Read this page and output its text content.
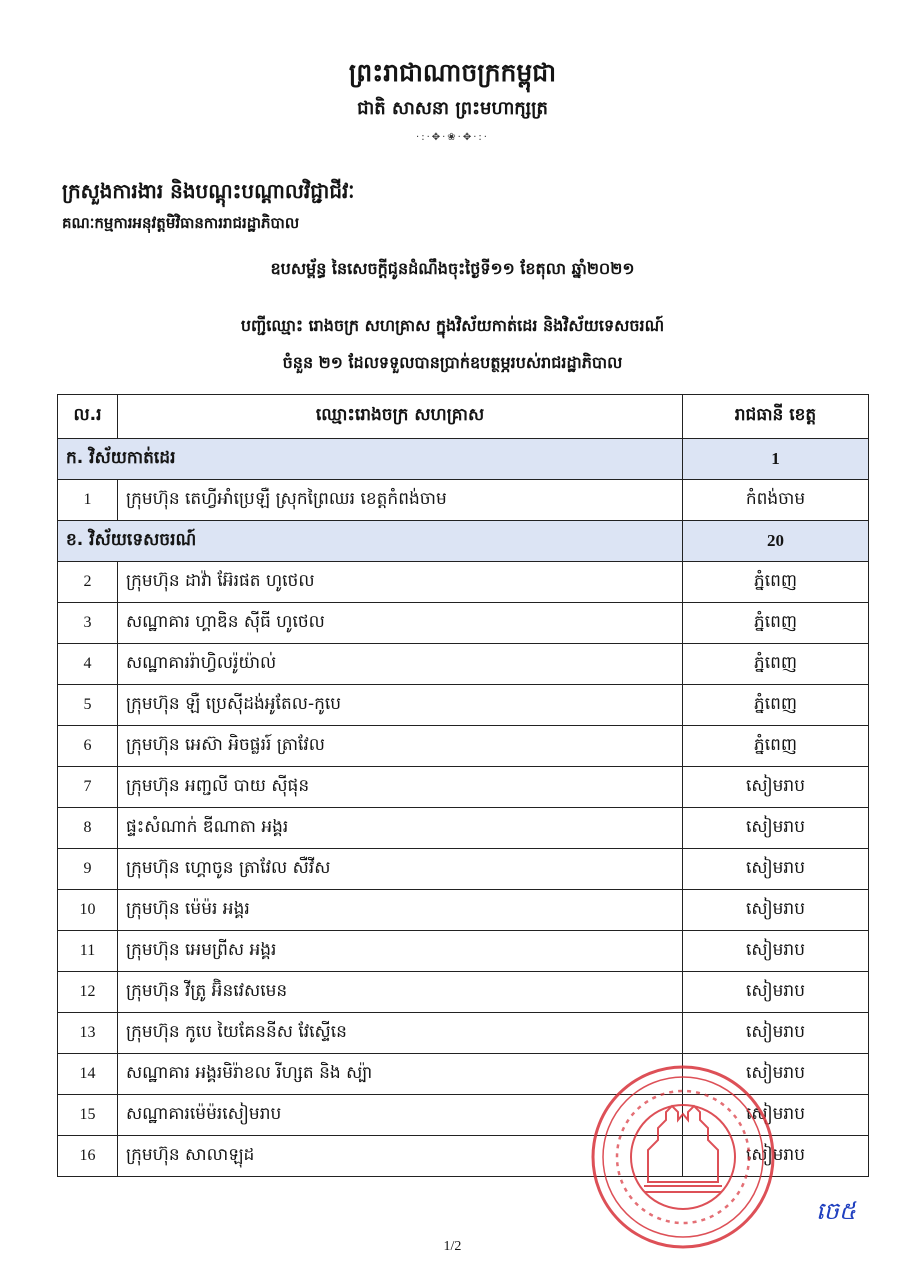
ព្រះរាជាណាចក្រកម្ពុជា
ជាតិ សាសនា ព្រះមហាក្សត្រ
·:·✥·❀·✥·:·
ក្រសួងការងារ និងបណ្តុះបណ្តាលវិជ្ជាជីវៈ
គណៈកម្មការអនុវត្តមិវិធានការរាជរដ្ឋាភិបាល
ឧបសម្ព័ន្ធ នៃសេចក្តីជូនដំណឹងចុះថ្ងៃទី១១ ខែតុលា ឆ្នាំ២០២១
បញ្ជីឈ្មោះ រោងចក្រ សហគ្រាស ក្នុងវិស័យកាត់ដេរ និងវិស័យទេសចរណ៍
ចំនួន ២១ ដែលទទួលបានប្រាក់ឧបត្ថម្ភរបស់រាជរដ្ឋាភិបាល
ល.រ	ឈ្មោះរោងចក្រ សហគ្រាស	រាជធានី ខេត្ត
ក. វិស័យកាត់ដេរ		1
1	ក្រុមហ៊ុន តេហ្វីអាំប្រេឡឺ ស្រុកព្រៃឈរ ខេត្តកំពង់ចាម	កំពង់ចាម
ខ. វិស័យទេសចរណ៍		20
2	ក្រុមហ៊ុន ដាវ៉ា អ៊ែរផត ហូថេល	ភ្នំពេញ
3	សណ្ឋាគារ ហ្គាឌិន ស៊ីធី ហូថេល	ភ្នំពេញ
4	សណ្ឋាគាររ៉ាហ្វិលរ៉ូយ៉ាល់	ភ្នំពេញ
5	ក្រុមហ៊ុន ឡឺ ប្រេស៊ីដង់អូតែល-កូបេ	ភ្នំពេញ
6	ក្រុមហ៊ុន អេស៊ា អិចផ្លររ៍ ត្រាវែល	ភ្នំពេញ
7	ក្រុមហ៊ុន អញ្ជលី បាយ ស៊ីផុន	សៀមរាប
8	ផ្ទះសំណាក់ ឌីណាតា អង្គរ	សៀមរាប
9	ក្រុមហ៊ុន ហ្គោចូន ត្រាវែល សឺវីស	សៀមរាប
10	ក្រុមហ៊ុន ម៉េម៉រ អង្គរ	សៀមរាប
11	ក្រុមហ៊ុន អេមព្រីស អង្គរ	សៀមរាប
12	ក្រុមហ៊ុន វីត្រូ អ៊ិនវេសមេន	សៀមរាប
13	ក្រុមហ៊ុន កូបេ យៃគែននីស វែស្ទើនេ	សៀមរាប
14	សណ្ឋាគារ អង្គរមិរ៉ាខល រីហ្សត និង ស្ប៉ា	សៀមរាប
15	សណ្ឋាគារម៉េម៉រសៀមរាប	សៀមរាប
16	ក្រុមហ៊ុន សាលាឡុដ	សៀមរាប
ចេ៥
1/2
